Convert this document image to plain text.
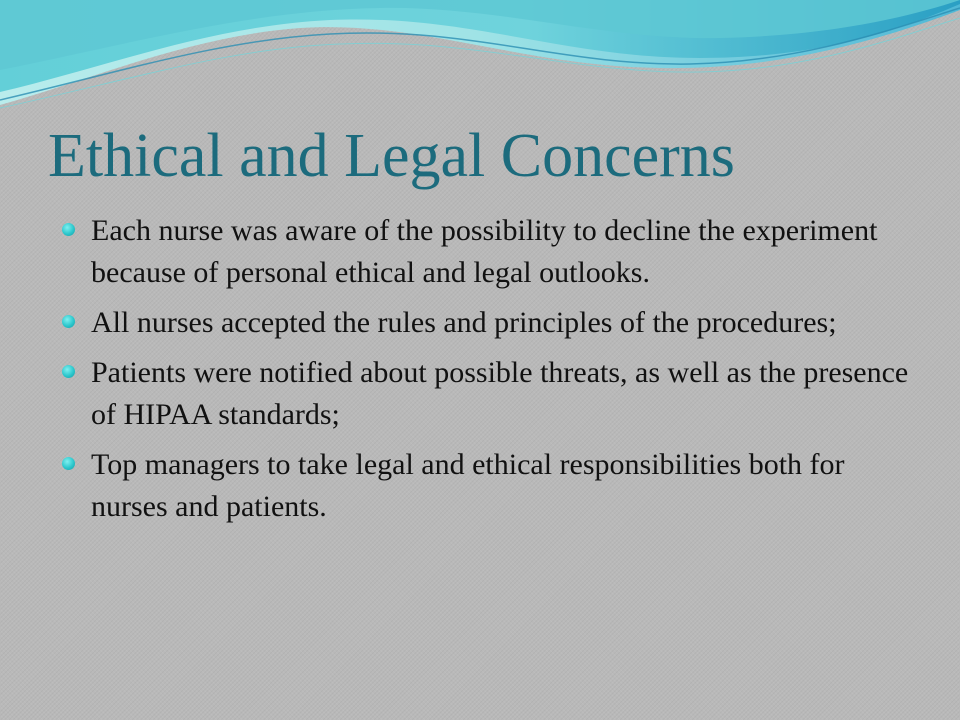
Ethical and Legal Concerns
Each nurse was aware of the possibility to decline the experiment because of personal ethical and legal outlooks.
All nurses accepted the rules and principles of the procedures;
Patients were notified about possible threats, as well as the presence of HIPAA standards;
Top managers to take legal and ethical responsibilities both for nurses and patients.
